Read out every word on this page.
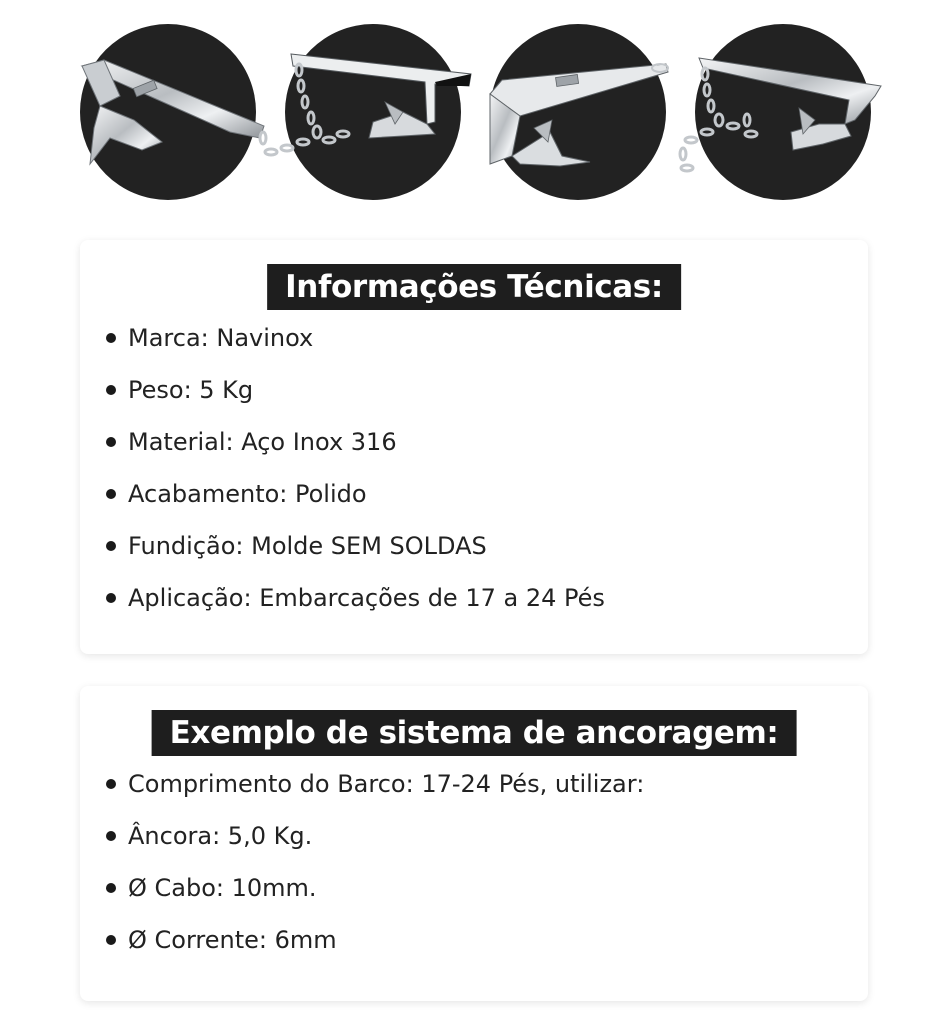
Informações Técnicas:
Marca: Navinox
Peso: 5 Kg
Material: Aço Inox 316
Acabamento: Polido
Fundição: Molde SEM SOLDAS
Aplicação: Embarcações de 17 a 24 Pés
Exemplo de sistema de ancoragem:
Comprimento do Barco: 17-24 Pés, utilizar:
Âncora: 5,0 Kg.
Ø Cabo: 10mm.
Ø Corrente: 6mm
